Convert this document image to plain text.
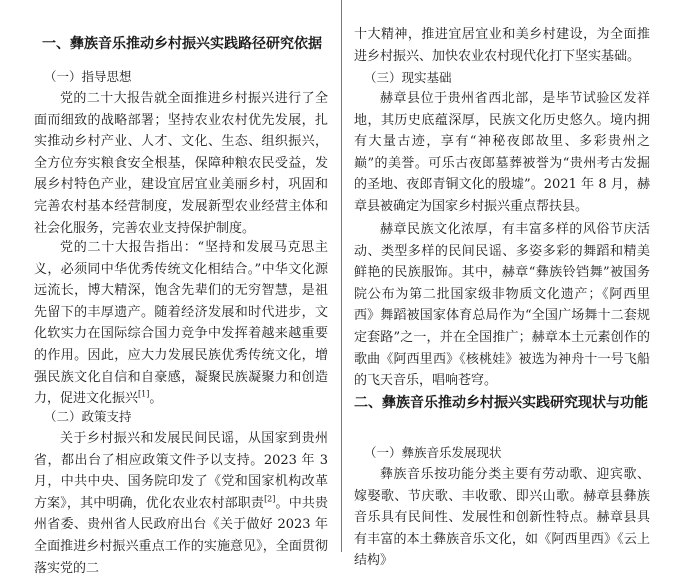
一、彝族音乐推动乡村振兴实践路径研究依据

（一）指导思想

党的二十大报告就全面推进乡村振兴进行了全面而细致的战略部署；坚持农业农村优先发展，扎实推动乡村产业、人才、文化、生态、组织振兴，全方位夯实粮食安全根基，保障种粮农民受益，发展乡村特色产业，建设宜居宜业美丽乡村，巩固和完善农村基本经营制度，发展新型农业经营主体和社会化服务，完善农业支持保护制度。

党的二十大报告指出：“坚持和发展马克思主义，必须同中华优秀传统文化相结合。”中华文化源远流长，博大精深，饱含先辈们的无穷智慧，是祖先留下的丰厚遗产。随着经济发展和时代进步，文化软实力在国际综合国力竞争中发挥着越来越重要的作用。因此，应大力发展民族优秀传统文化，增强民族文化自信和自豪感，凝聚民族凝聚力和创造力，促进文化振兴[1]。

（二）政策支持

关于乡村振兴和发展民间民谣，从国家到贵州省，都出台了相应政策文件予以支持。2023 年 3 月，中共中央、国务院印发了《党和国家机构改革方案》，其中明确，优化农业农村部职责[2]。中共贵州省委、贵州省人民政府出台《关于做好 2023 年全面推进乡村振兴重点工作的实施意见》，全面贯彻落实党的二

十大精神，推进宜居宜业和美乡村建设，为全面推进乡村振兴、加快农业农村现代化打下坚实基础。

（三）现实基础

赫章县位于贵州省西北部，是毕节试验区发祥地，其历史底蕴深厚，民族文化历史悠久。境内拥有大量古迹，享有“神秘夜郎故里、多彩贵州之巅”的美誉。可乐古夜郎墓葬被誉为“贵州考古发掘的圣地、夜郎青铜文化的殷墟”。2021 年 8 月，赫章县被确定为国家乡村振兴重点帮扶县。

赫章民族文化浓厚，有丰富多样的风俗节庆活动、类型多样的民间民谣、多姿多彩的舞蹈和精美鲜艳的民族服饰。其中，赫章“彝族铃铛舞”被国务院公布为第二批国家级非物质文化遗产；《阿西里西》舞蹈被国家体育总局作为“全国广场舞十二套规定套路”之一，并在全国推广；赫章本土元素创作的歌曲《阿西里西》《核桃娃》被选为神舟十一号飞船的飞天音乐，唱响苍穹。

二、彝族音乐推动乡村振兴实践研究现状与功能

（一）彝族音乐发展现状

彝族音乐按功能分类主要有劳动歌、迎宾歌、嫁娶歌、节庆歌、丰收歌、即兴山歌。赫章县彝族音乐具有民间性、发展性和创新性特点。赫章县具有丰富的本土彝族音乐文化，如《阿西里西》《云上结构》
